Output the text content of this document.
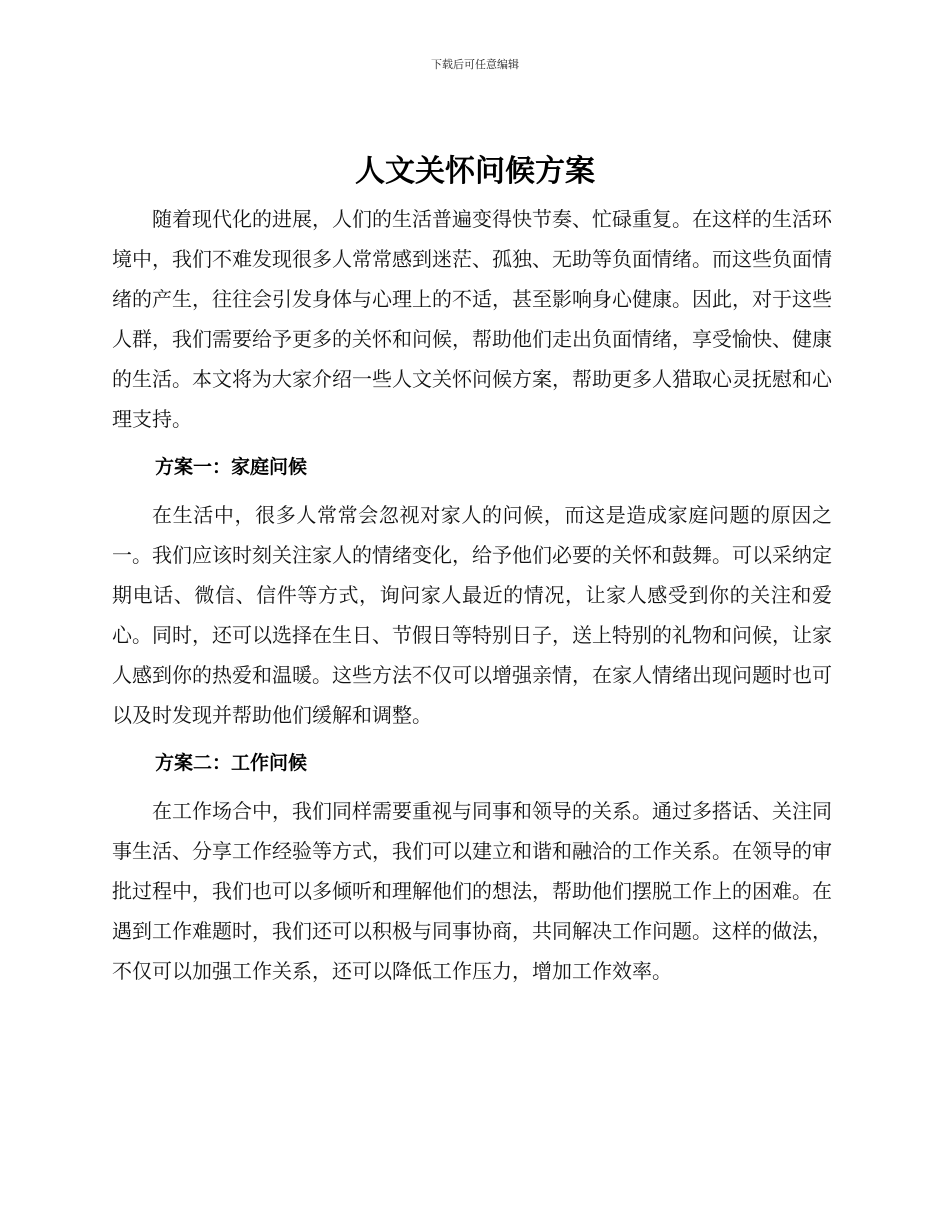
下载后可任意编辑
人文关怀问候方案

随着现代化的进展，人们的生活普遍变得快节奏、忙碌重复。在这样的生活环境中，我们不难发现很多人常常感到迷茫、孤独、无助等负面情绪。而这些负面情绪的产生，往往会引发身体与心理上的不适，甚至影响身心健康。因此，对于这些人群，我们需要给予更多的关怀和问候，帮助他们走出负面情绪，享受愉快、健康的生活。本文将为大家介绍一些人文关怀问候方案，帮助更多人猎取心灵抚慰和心理支持。

方案一：家庭问候

在生活中，很多人常常会忽视对家人的问候，而这是造成家庭问题的原因之一。我们应该时刻关注家人的情绪变化，给予他们必要的关怀和鼓舞。可以采纳定期电话、微信、信件等方式，询问家人最近的情况，让家人感受到你的关注和爱心。同时，还可以选择在生日、节假日等特别日子，送上特别的礼物和问候，让家人感到你的热爱和温暖。这些方法不仅可以增强亲情，在家人情绪出现问题时也可以及时发现并帮助他们缓解和调整。

方案二：工作问候

在工作场合中，我们同样需要重视与同事和领导的关系。通过多搭话、关注同事生活、分享工作经验等方式，我们可以建立和谐和融洽的工作关系。在领导的审批过程中，我们也可以多倾听和理解他们的想法，帮助他们摆脱工作上的困难。在遇到工作难题时，我们还可以积极与同事协商，共同解决工作问题。这样的做法，不仅可以加强工作关系，还可以降低工作压力，增加工作效率。
